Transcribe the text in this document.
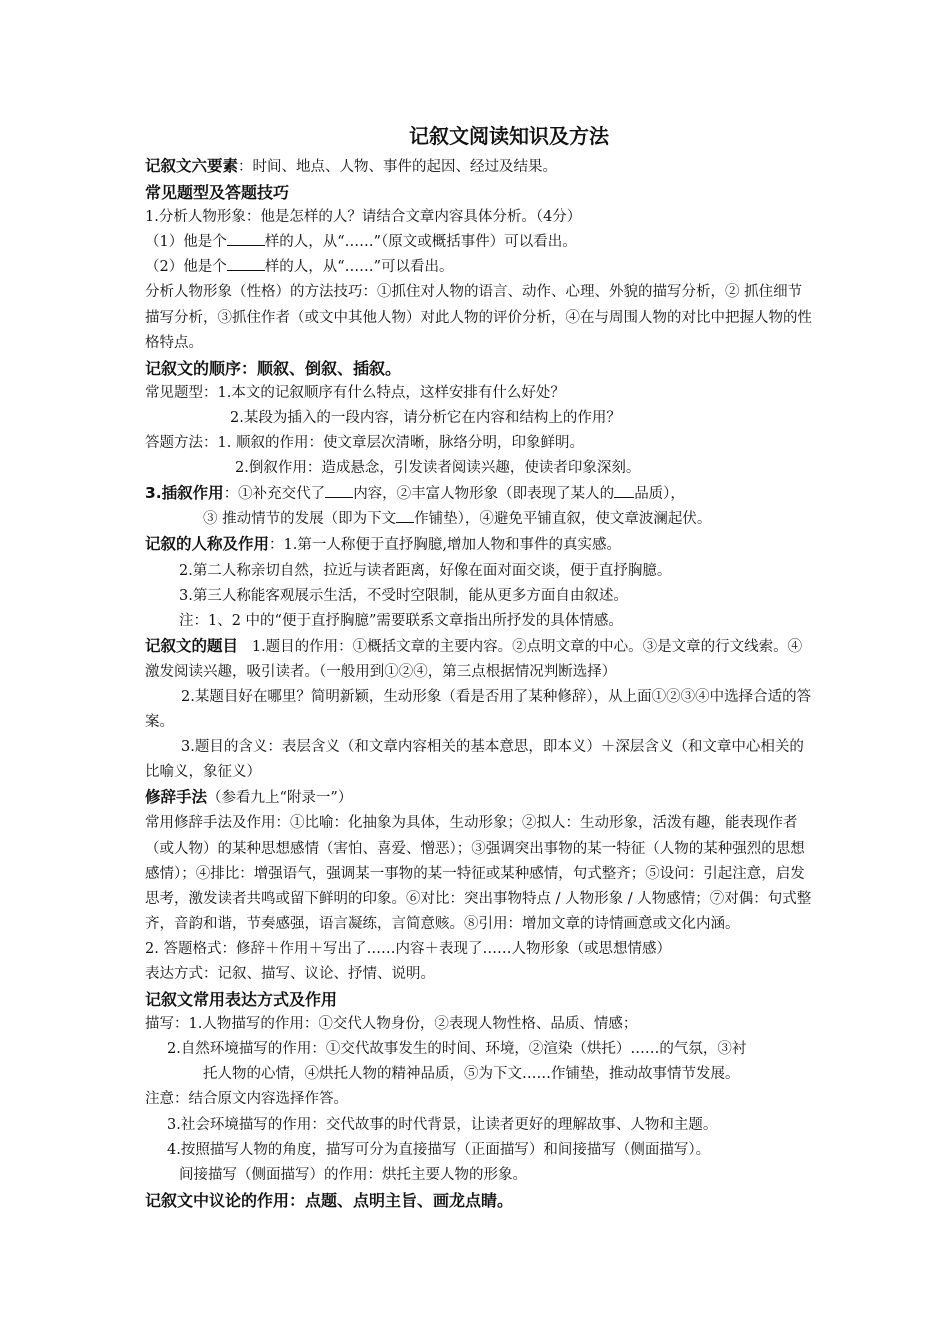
记叙文阅读知识及方法

记叙文六要素：时间、地点、人物、事件的起因、经过及结果。

常见题型及答题技巧

1.分析人物形象：他是怎样的人？请结合文章内容具体分析。（4分）

（1）他是个	样的人，从“……”（原文或概括事件）可以看出。

（2）他是个	样的人，从“……”可以看出。

分析人物形象（性格）的方法技巧：①抓住对人物的语言、动作、心理、外貌的描写分析，② 抓住细节描写分析，③抓住作者（或文中其他人物）对此人物的评价分析，④在与周围人物的对比中把握人物的性格特点。

记叙文的顺序：顺叙、倒叙、插叙。

常见题型：1.本文的记叙顺序有什么特点，这样安排有什么好处？

2.某段为插入的一段内容，请分析它在内容和结构上的作用？

答题方法：1. 顺叙的作用：使文章层次清晰，脉络分明，印象鲜明。

2.倒叙作用：造成悬念，引发读者阅读兴趣，使读者印象深刻。

3.插叙作用：①补充交代了 内容，②丰富人物形象（即表现了某人的 品质），

③ 推动情节的发展（即为下文 作铺垫），④避免平铺直叙，使文章波澜起伏。

记叙的人称及作用：1.第一人称便于直抒胸臆,增加人物和事件的真实感。

2.第二人称亲切自然，拉近与读者距离，好像在面对面交谈，便于直抒胸臆。

3.第三人称能客观展示生活，不受时空限制，能从更多方面自由叙述。

注：1、2 中的“便于直抒胸臆”需要联系文章指出所抒发的具体情感。

记叙文的题目 1.题目的作用：①概括文章的主要内容。②点明文章的中心。③是文章的行文线索。④激发阅读兴趣，吸引读者。（一般用到①②④，第三点根据情况判断选择）

2.某题目好在哪里？简明新颖，生动形象（看是否用了某种修辞），从上面①②③④中选择合适的答案。

3.题目的含义：表层含义（和文章内容相关的基本意思，即本义）＋深层含义（和文章中心相关的比喻义，象征义）

修辞手法（参看九上“附录一”）

常用修辞手法及作用：①比喻：化抽象为具体，生动形象；②拟人：生动形象，活泼有趣，能表现作者（或人物）的某种思想感情（害怕、喜爱、憎恶）；③强调突出事物的某一特征（人物的某种强烈的思想感情）；④排比：增强语气，强调某一事物的某一特征或某种感情，句式整齐；⑤设问：引起注意，启发思考，激发读者共鸣或留下鲜明的印象。⑥对比：突出事物特点 / 人物形象 / 人物感情；⑦对偶：句式整齐，音韵和谐，节奏感强，语言凝练，言简意赅。⑧引用：增加文章的诗情画意或文化内涵。

2. 答题格式：修辞＋作用＋写出了……内容＋表现了……人物形象（或思想情感）

表达方式：记叙、描写、议论、抒情、说明。

记叙文常用表达方式及作用

描写：1.人物描写的作用：①交代人物身份，②表现人物性格、品质、情感；

2.自然环境描写的作用：①交代故事发生的时间、环境，②渲染（烘托）……的气氛，③衬

托人物的心情，④烘托人物的精神品质，⑤为下文……作铺垫，推动故事情节发展。

注意：结合原文内容选择作答。

3.社会环境描写的作用：交代故事的时代背景，让读者更好的理解故事、人物和主题。

4.按照描写人物的角度，描写可分为直接描写（正面描写）和间接描写（侧面描写）。

间接描写（侧面描写）的作用：烘托主要人物的形象。

记叙文中议论的作用：点题、点明主旨、画龙点睛。
